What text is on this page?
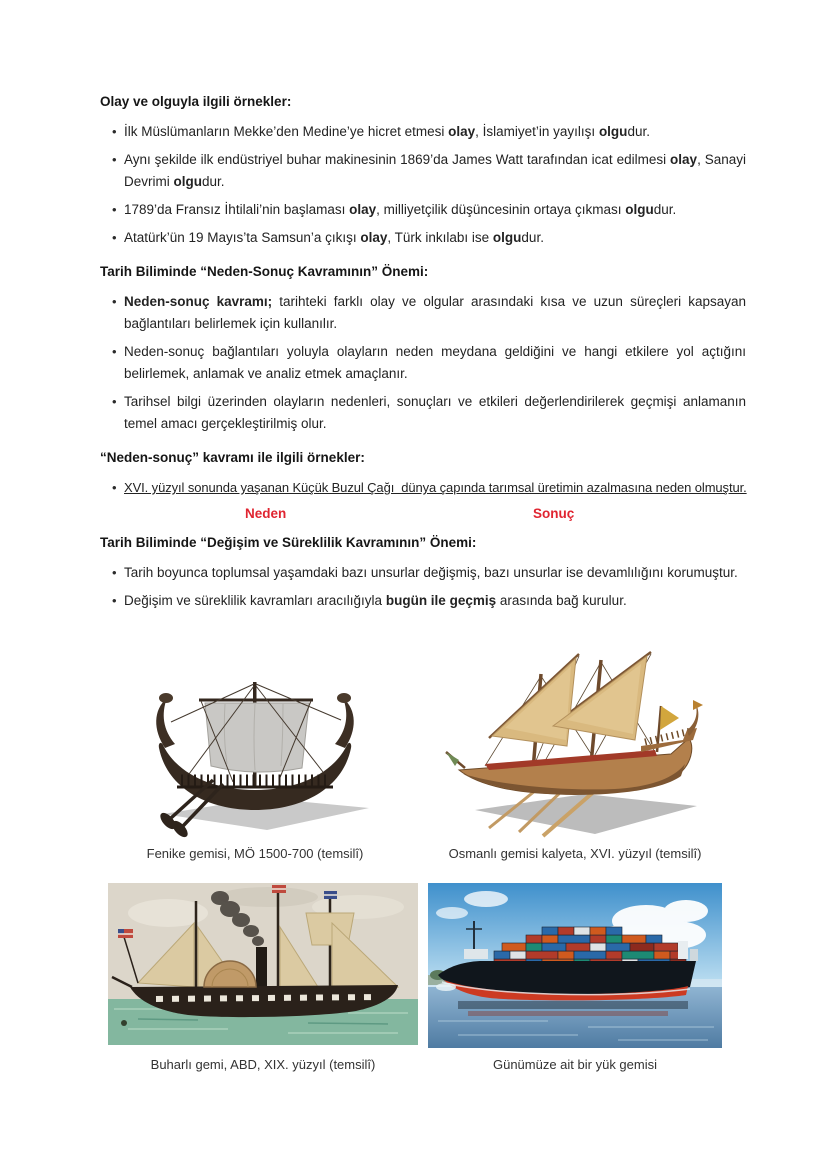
Olay ve olguyla ilgili örnekler:
• İlk Müslümanların Mekke’den Medine’ye hicret etmesi olay, İslamiyet’in yayılışı olgudur.
• Aynı şekilde ilk endüstriyel buhar makinesinin 1869’da James Watt tarafından icat edilmesi olay, Sanayi Devrimi olgudur.
• 1789’da Fransız İhtilali’nin başlaması olay, milliyetçilik düşüncesinin ortaya çıkması olgudur.
• Atatürk’ün 19 Mayıs’ta Samsun’a çıkışı olay, Türk inkılabı ise olgudur.
Tarih Biliminde “Neden-Sonuç Kavramının” Önemi:
• Neden-sonuç kavramı; tarihteki farklı olay ve olgular arasındaki kısa ve uzun süreçleri kapsayan bağlantıları belirlemek için kullanılır.
• Neden-sonuç bağlantıları yoluyla olayların neden meydana geldiğini ve hangi etkilere yol açtığını belirlemek, anlamak ve analiz etmek amaçlanır.
• Tarihsel bilgi üzerinden olayların nedenleri, sonuçları ve etkileri değerlendirilerek geçmişi anlamanın temel amacı gerçekleştirilmiş olur.
“Neden-sonuç” kavramı ile ilgili örnekler:
• XVI. yüzyıl sonunda yaşanan Küçük Buzul Çağı  dünya çapında tarımsal üretimin azalmasına neden olmuştur.
Neden	Sonuç
Tarih Biliminde “Değişim ve Süreklilik Kavramının” Önemi:
• Tarih boyunca toplumsal yaşamdaki bazı unsurlar değişmiş, bazı unsurlar ise devamlılığını korumuştur.
• Değişim ve süreklilik kavramları aracılığıyla bugün ile geçmiş arasında bağ kurulur.
Fenike gemisi, MÖ 1500-700 (temsilî)	Osmanlı gemisi kalyeta, XVI. yüzyıl (temsilî)
Buharlı gemi, ABD, XIX. yüzyıl (temsilî)	Günümüze ait bir yük gemisi
